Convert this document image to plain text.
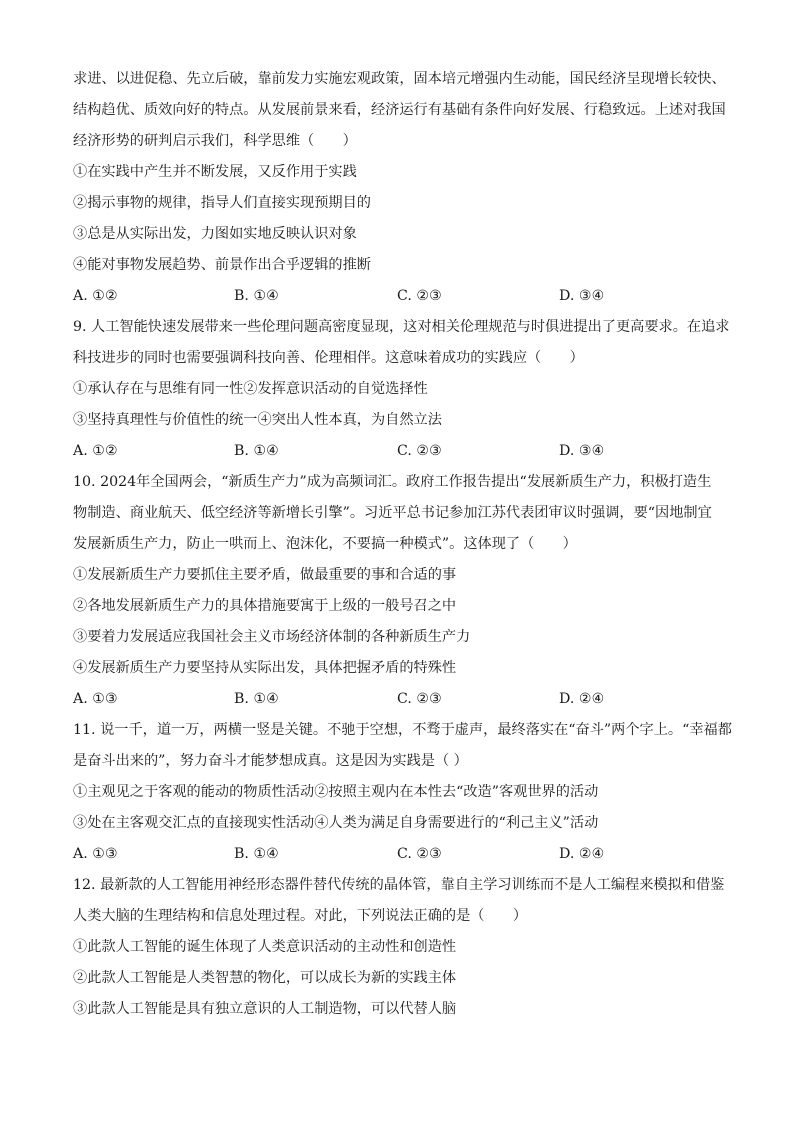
求进、以进促稳、先立后破，靠前发力实施宏观政策，固本培元增强内生动能，国民经济呈现增长较快、
结构趋优、质效向好的特点。从发展前景来看，经济运行有基础有条件向好发展、行稳致远。上述对我国
经济形势的研判启示我们，科学思维（　　）
①在实践中产生并不断发展，又反作用于实践
②揭示事物的规律，指导人们直接实现预期目的
③总是从实际出发，力图如实地反映认识对象
④能对事物发展趋势、前景作出合乎逻辑的推断
A. ①②	B. ①④	C. ②③	D. ③④
9. 人工智能快速发展带来一些伦理问题高密度显现，这对相关伦理规范与时俱进提出了更高要求。在追求
科技进步的同时也需要强调科技向善、伦理相伴。这意味着成功的实践应（　　）
①承认存在与思维有同一性②发挥意识活动的自觉选择性
③坚持真理性与价值性的统一④突出人性本真，为自然立法
A. ①②	B. ①④	C. ②③	D. ③④
10. 2024年全国两会，“新质生产力”成为高频词汇。政府工作报告提出“发展新质生产力，积极打造生
物制造、商业航天、低空经济等新增长引擎”。习近平总书记参加江苏代表团审议时强调，要“因地制宜
发展新质生产力，防止一哄而上、泡沫化，不要搞一种模式”。这体现了（　　）
①发展新质生产力要抓住主要矛盾，做最重要的事和合适的事
②各地发展新质生产力的具体措施要寓于上级的一般号召之中
③要着力发展适应我国社会主义市场经济体制的各种新质生产力
④发展新质生产力要坚持从实际出发，具体把握矛盾的特殊性
A. ①③	B. ①④	C. ②③	D. ②④
11. 说一千，道一万，两横一竖是关键。不驰于空想，不骛于虚声，最终落实在“奋斗”两个字上。“幸福都
是奋斗出来的”，努力奋斗才能梦想成真。这是因为实践是（ ）
①主观见之于客观的能动的物质性活动②按照主观内在本性去“改造”客观世界的活动
③处在主客观交汇点的直接现实性活动④人类为满足自身需要进行的“利己主义”活动
A. ①③	B. ①④	C. ②③	D. ②④
12. 最新款的人工智能用神经形态器件替代传统的晶体管，靠自主学习训练而不是人工编程来模拟和借鉴
人类大脑的生理结构和信息处理过程。对此，下列说法正确的是（　　）
①此款人工智能的诞生体现了人类意识活动的主动性和创造性
②此款人工智能是人类智慧的物化，可以成长为新的实践主体
③此款人工智能是具有独立意识的人工制造物，可以代替人脑
